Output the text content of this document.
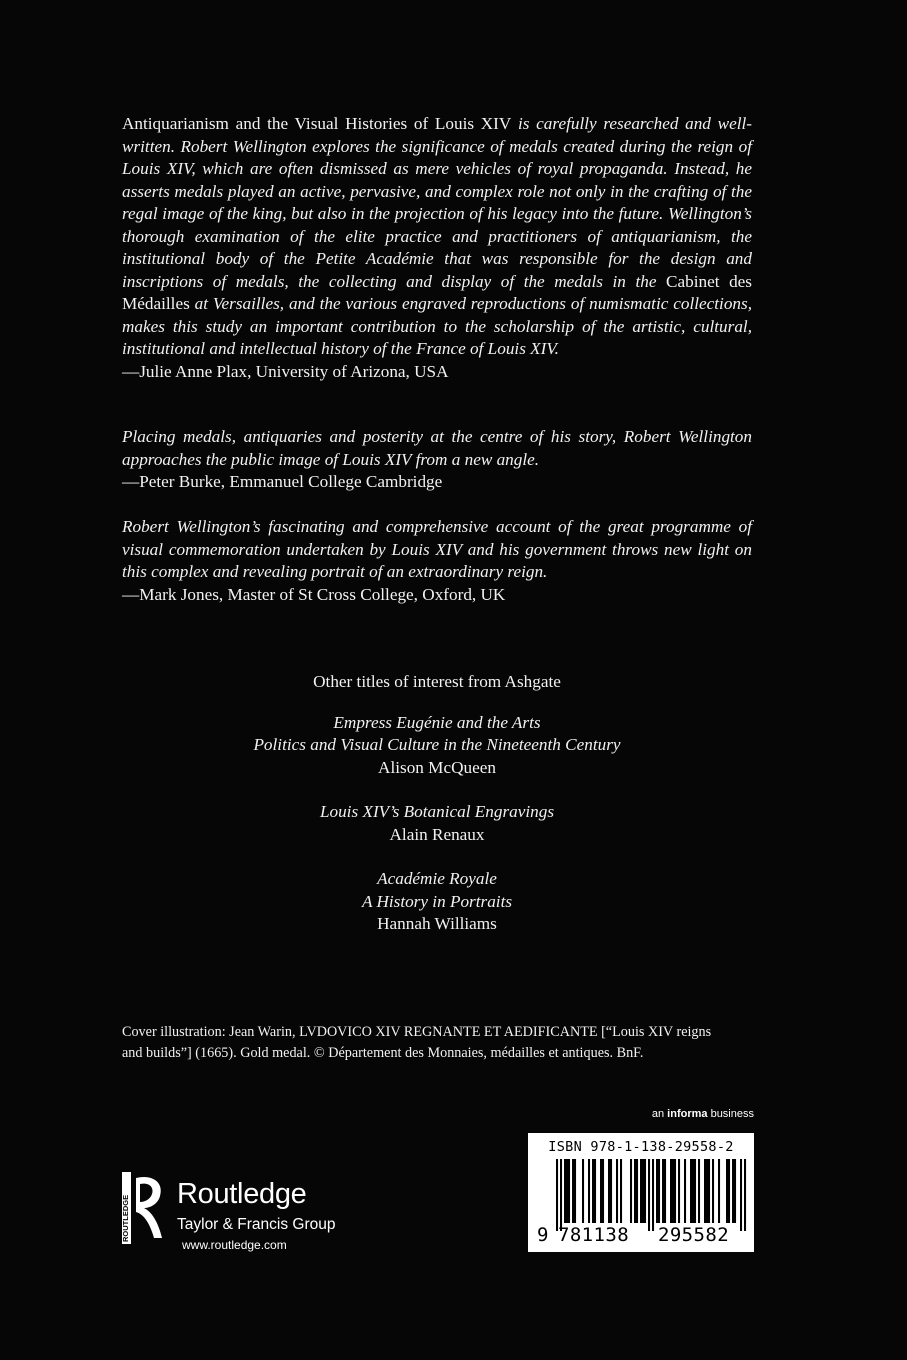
Antiquarianism and the Visual Histories of Louis XIV is carefully researched and well-written. Robert Wellington explores the significance of medals created during the reign of Louis XIV, which are often dismissed as mere vehicles of royal propaganda. Instead, he asserts medals played an active, pervasive, and complex role not only in the crafting of the regal image of the king, but also in the projection of his legacy into the future. Wellington’s thorough examination of the elite practice and practitioners of antiquarianism, the institutional body of the Petite Académie that was responsible for the design and inscriptions of medals, the collecting and display of the medals in the Cabinet des Médailles at Versailles, and the various engraved reproductions of numismatic collections, makes this study an important contribution to the scholarship of the artistic, cultural, institutional and intellectual history of the France of Louis XIV.

—Julie Anne Plax, University of Arizona, USA

Placing medals, antiquaries and posterity at the centre of his story, Robert Wellington approaches the public image of Louis XIV from a new angle.

—Peter Burke, Emmanuel College Cambridge

Robert Wellington’s fascinating and comprehensive account of the great programme of visual commemoration undertaken by Louis XIV and his government throws new light on this complex and revealing portrait of an extraordinary reign.

—Mark Jones, Master of St Cross College, Oxford, UK

Other titles of interest from Ashgate
Empress Eugénie and the Arts
Politics and Visual Culture in the Nineteenth Century
Alison McQueen
Louis XIV’s Botanical Engravings
Alain Renaux
Académie Royale
A History in Portraits
Hannah Williams
Cover illustration: Jean Warin, LVDOVICO XIV REGNANTE ET AEDIFICANTE [“Louis XIV reigns
and builds”] (1665). Gold medal. © Département des Monnaies, médailles et antiques. BnF.
an informa business
ISBN 978-1-138-29558-2
9 781138 295582
ROUTLEDGE
Routledge
Taylor & Francis Group
www.routledge.com
